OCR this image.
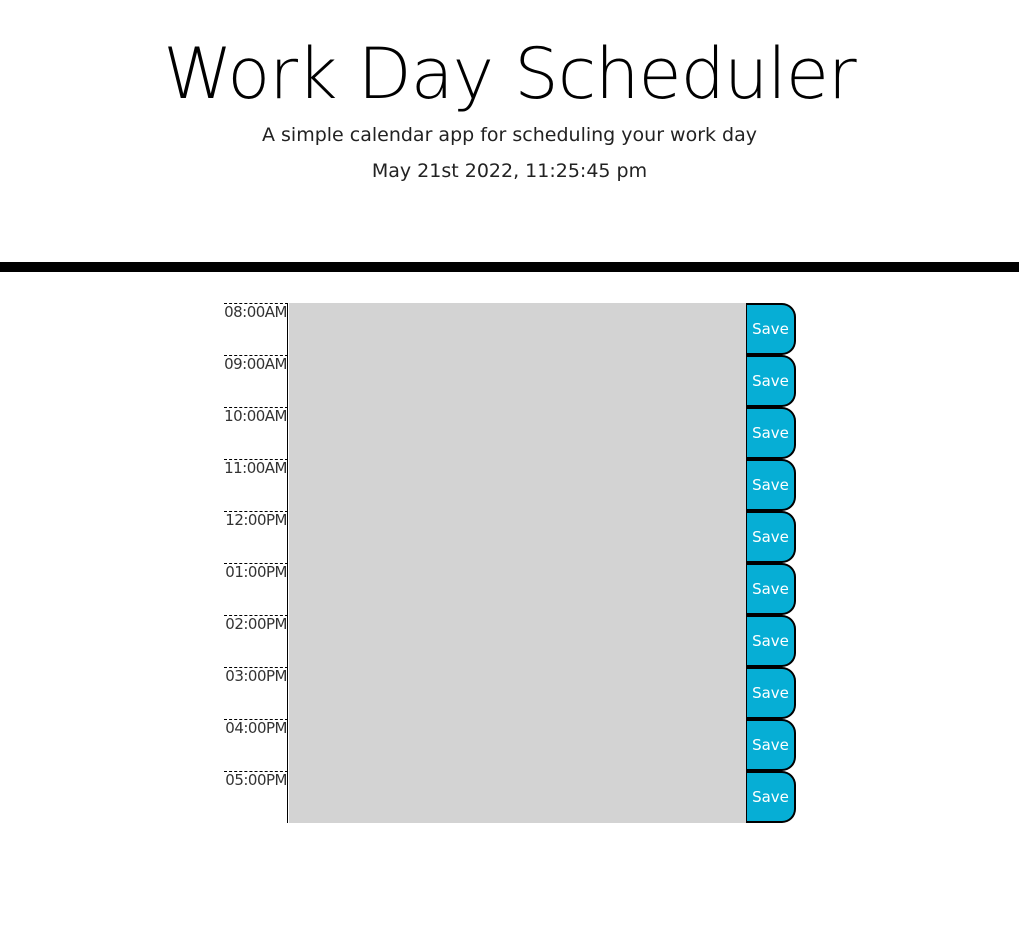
Work Day Scheduler

A simple calendar app for scheduling your work day

May 21st 2022, 11:25:45 pm

08:00AM
Save
09:00AM
Save
10:00AM
Save
11:00AM
Save
12:00PM
Save
01:00PM
Save
02:00PM
Save
03:00PM
Save
04:00PM
Save
05:00PM
Save
